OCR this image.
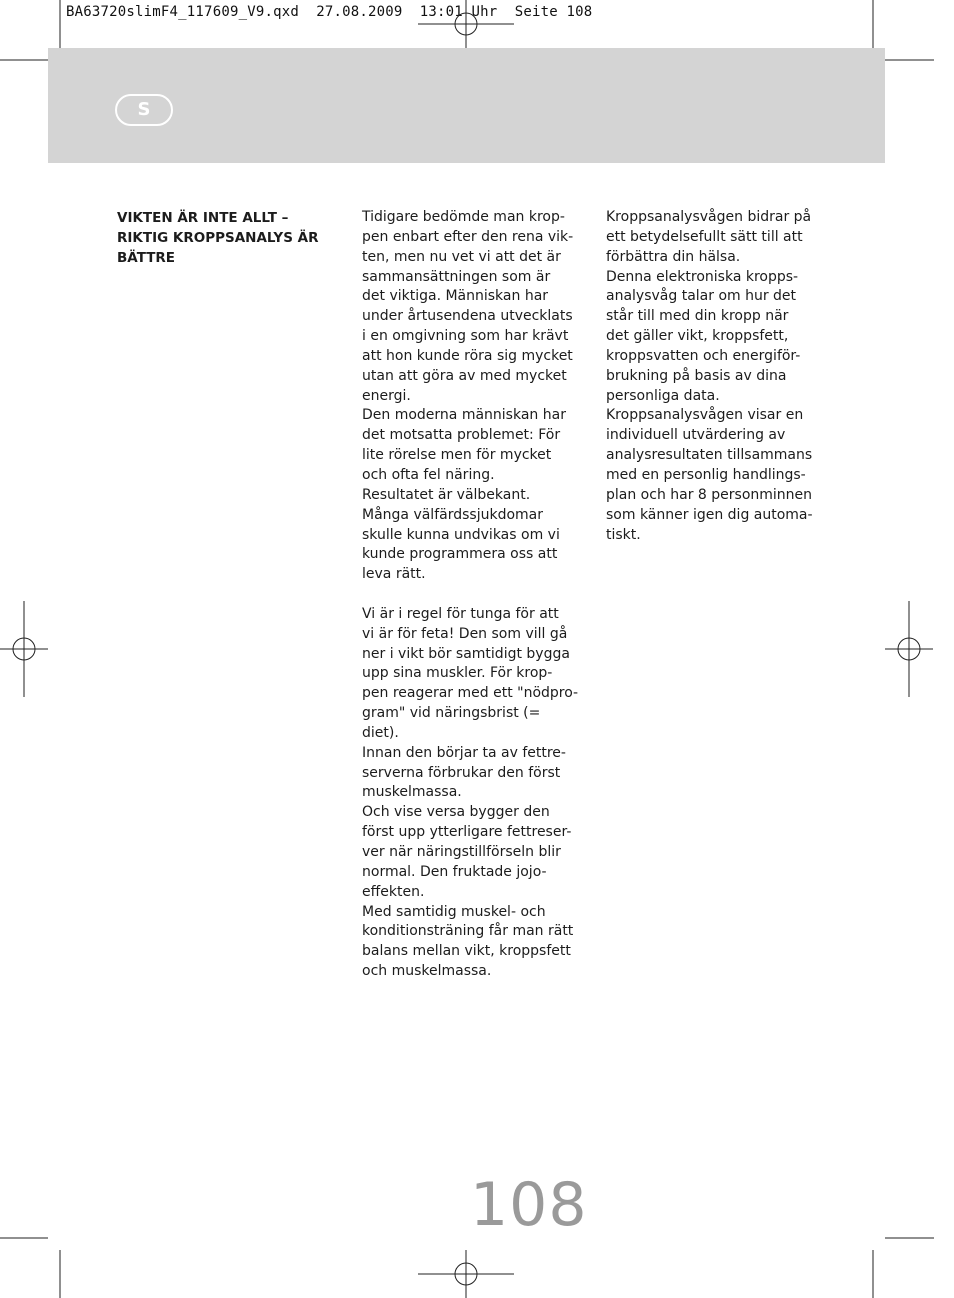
BA63720slimF4_117609_V9.qxd  27.08.2009  13:01 Uhr  Seite 108
S
VIKTEN ÄR INTE ALLT –
RIKTIG KROPPSANALYS ÄR
BÄTTRE

Tidigare bedömde man krop-
pen enbart efter den rena vik-
ten, men nu vet vi att det är
sammansättningen som är
det viktiga. Människan har
under årtusendena utvecklats
i en omgivning som har krävt
att hon kunde röra sig mycket
utan att göra av med mycket
energi.

Den moderna människan har
det motsatta problemet: För
lite rörelse men för mycket
och ofta fel näring.

Resultatet är välbekant.
Många välfärdssjukdomar
skulle kunna undvikas om vi
kunde programmera oss att
leva rätt.

Vi är i regel för tunga för att
vi är för feta! Den som vill gå
ner i vikt bör samtidigt bygga
upp sina muskler. För krop-
pen reagerar med ett "nödpro-
gram" vid näringsbrist (=
diet).

Innan den börjar ta av fettre-
serverna förbrukar den först
muskelmassa.

Och vise versa bygger den
först upp ytterligare fettreser-
ver när näringstillförseln blir
normal. Den fruktade jojo-
effekten.

Med samtidig muskel- och
konditionsträning får man rätt
balans mellan vikt, kroppsfett
och muskelmassa.

Kroppsanalysvågen bidrar på
ett betydelsefullt sätt till att
förbättra din hälsa.

Denna elektroniska kropps-
analysvåg talar om hur det
står till med din kropp när
det gäller vikt, kroppsfett,
kroppsvatten och energiför-
brukning på basis av dina
personliga data.

Kroppsanalysvågen visar en
individuell utvärdering av
analysresultaten tillsammans
med en personlig handlings-
plan och har 8 personminnen
som känner igen dig automa-
tiskt.

108
